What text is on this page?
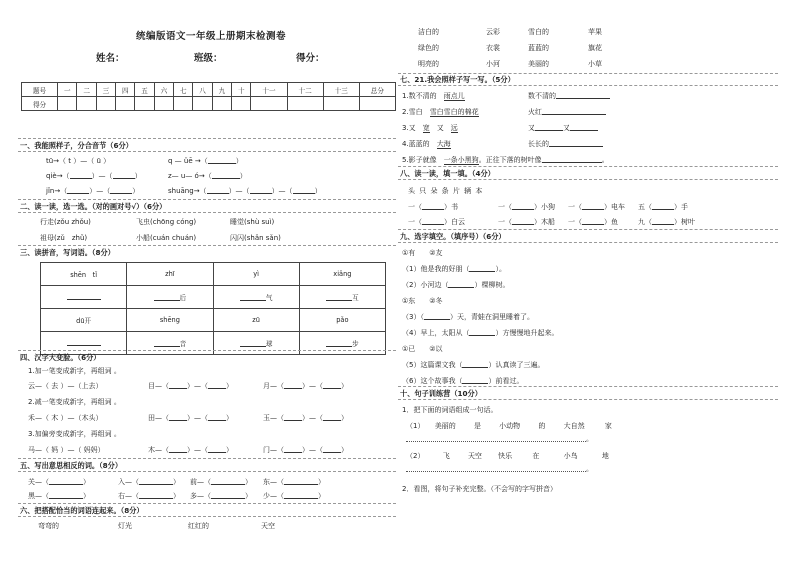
统编版语文一年级上册期末检测卷
姓名：	班级：	得分：
题号	一	二	三	四	五	六	七	八	九	十	十一	十二	十三	总分
得分														
一、我能照样子，分合音节（6分）
tū→（ t ）—（ ū ）	q — üē →（	）
qiè→（	）—（	）	z— u— ó→（	）
jǐn→（	）—（	）	shuāng→（	）—（	）—（	）
二、读一读，选一选。（对的画对号√）（6分）
行走(zǒu zhǒu)	飞虫(chōng cóng)	睡觉(shù suì)
祖母(zǔ　zhǔ)	小船(cuán chuán)	闪闪(shǎn sǎn)
三、读拼音，写词语。（8分）
shēn　tǐ	zhī	yì	xiǎng
	后	气	互
dū开	shēng	zū	pǎo
	音	球	步
四、汉字大变脸。（6分）
1.加一笔变成新字，再组词 。
云—（ 去 ）—（上去）	目—（	）—（	）	月—（	）—（	）
2.减一笔变成新字，再组词 。
禾—（ 木 ）—（木头）	田—（	）—（	）	玉—（	）—（	）
3.加偏旁变成新字，再组词 。
马—（ 妈 ）—（ 妈妈）	木—（	）—（	）	门—（	）—（	）
五、写出意思相反的词。（8分）
关—（	）	入—（	） 前—（	） 东—（	）
黑—（	）	右—（	） 多—（	） 少—（	）
六、把搭配恰当的词语连起来。（8分）
弯弯的	灯光	红红的	天空
洁白的	云彩	雪白的	苹果
绿色的	衣裳	蓝蓝的	旗花
明亮的	小河	美丽的	小草
七、21.我会照样子写一写。（5分）
1.数不清的　 雨点儿	数不清的
2.雪白　 雪白雪白的棉花	火红
3.又　 宽　 又　 远	又	又
4.蓝蓝的　 大海	长长的
5.影子就像　 一条小黑狗。正往下落的树叶像	。
八、读一读，填一填。（4分）
头 只 朵 条 片 辆 本
一（	）书	一（	）小狗 一（	）电车 五（	）手
一（	）白云	一（	）木船 一（	）鱼	九（	）树叶
九、选字填空。（填序号）（6分）
①有　　②友
（1）他是我的好朋（	）。
（2）小河边（	）棵柳树。
①东　　②冬
（3）（	）天，青蛙在洞里睡着了。
（4）早上，太阳从（	）方慢慢地升起来。
①已　　②以
（5）这篇课文我（	）认真读了三遍。
（6）这个故事我（	）前看过。
十、句子训练营（10分）
1．把下面的词语组成一句话。
（1） 美丽的	是	小动物	的	大自然	家
。
（2）	飞	天空 快乐	在	小鸟	地
。
2．看图，将句子补充完整。（不会写的字写拼音）
